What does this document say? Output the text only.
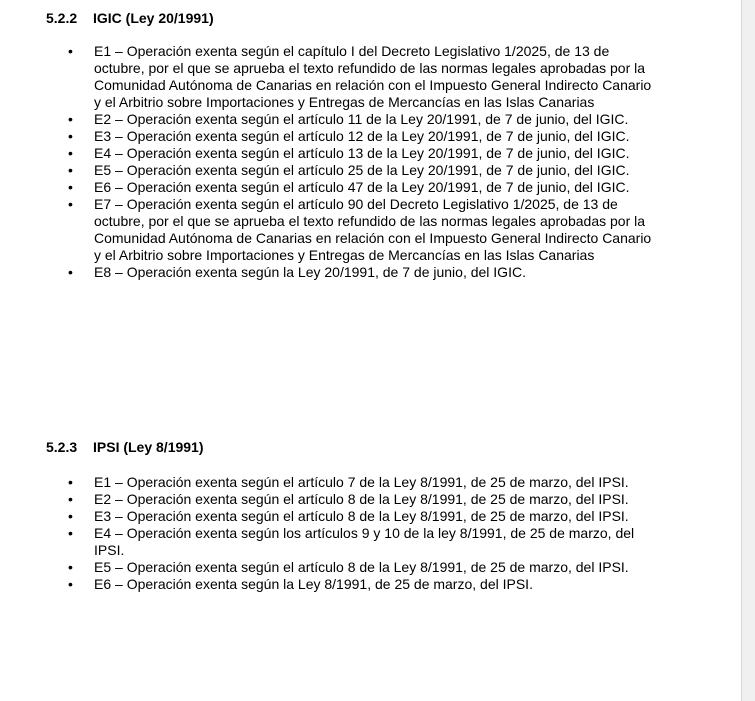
5.2.2 IGIC (Ley 20/1991)
• E1 – Operación exenta según el capítulo I del Decreto Legislativo 1/2025, de 13 de octubre, por el que se aprueba el texto refundido de las normas legales aprobadas por la Comunidad Autónoma de Canarias en relación con el Impuesto General Indirecto Canario y el Arbitrio sobre Importaciones y Entregas de Mercancías en las Islas Canarias
• E2 – Operación exenta según el artículo 11 de la Ley 20/1991, de 7 de junio, del IGIC.
• E3 – Operación exenta según el artículo 12 de la Ley 20/1991, de 7 de junio, del IGIC.
• E4 – Operación exenta según el artículo 13 de la Ley 20/1991, de 7 de junio, del IGIC.
• E5 – Operación exenta según el artículo 25 de la Ley 20/1991, de 7 de junio, del IGIC.
• E6 – Operación exenta según el artículo 47 de la Ley 20/1991, de 7 de junio, del IGIC.
• E7 – Operación exenta según el artículo 90 del Decreto Legislativo 1/2025, de 13 de octubre, por el que se aprueba el texto refundido de las normas legales aprobadas por la Comunidad Autónoma de Canarias en relación con el Impuesto General Indirecto Canario y el Arbitrio sobre Importaciones y Entregas de Mercancías en las Islas Canarias
• E8 – Operación exenta según la Ley 20/1991, de 7 de junio, del IGIC.
5.2.3 IPSI (Ley 8/1991)
• E1 – Operación exenta según el artículo 7 de la Ley 8/1991, de 25 de marzo, del IPSI.
• E2 – Operación exenta según el artículo 8 de la Ley 8/1991, de 25 de marzo, del IPSI.
• E3 – Operación exenta según el artículo 8 de la Ley 8/1991, de 25 de marzo, del IPSI.
• E4 – Operación exenta según los artículos 9 y 10 de la ley 8/1991, de 25 de marzo, del IPSI.
• E5 – Operación exenta según el artículo 8 de la Ley 8/1991, de 25 de marzo, del IPSI.
• E6 – Operación exenta según la Ley 8/1991, de 25 de marzo, del IPSI.
